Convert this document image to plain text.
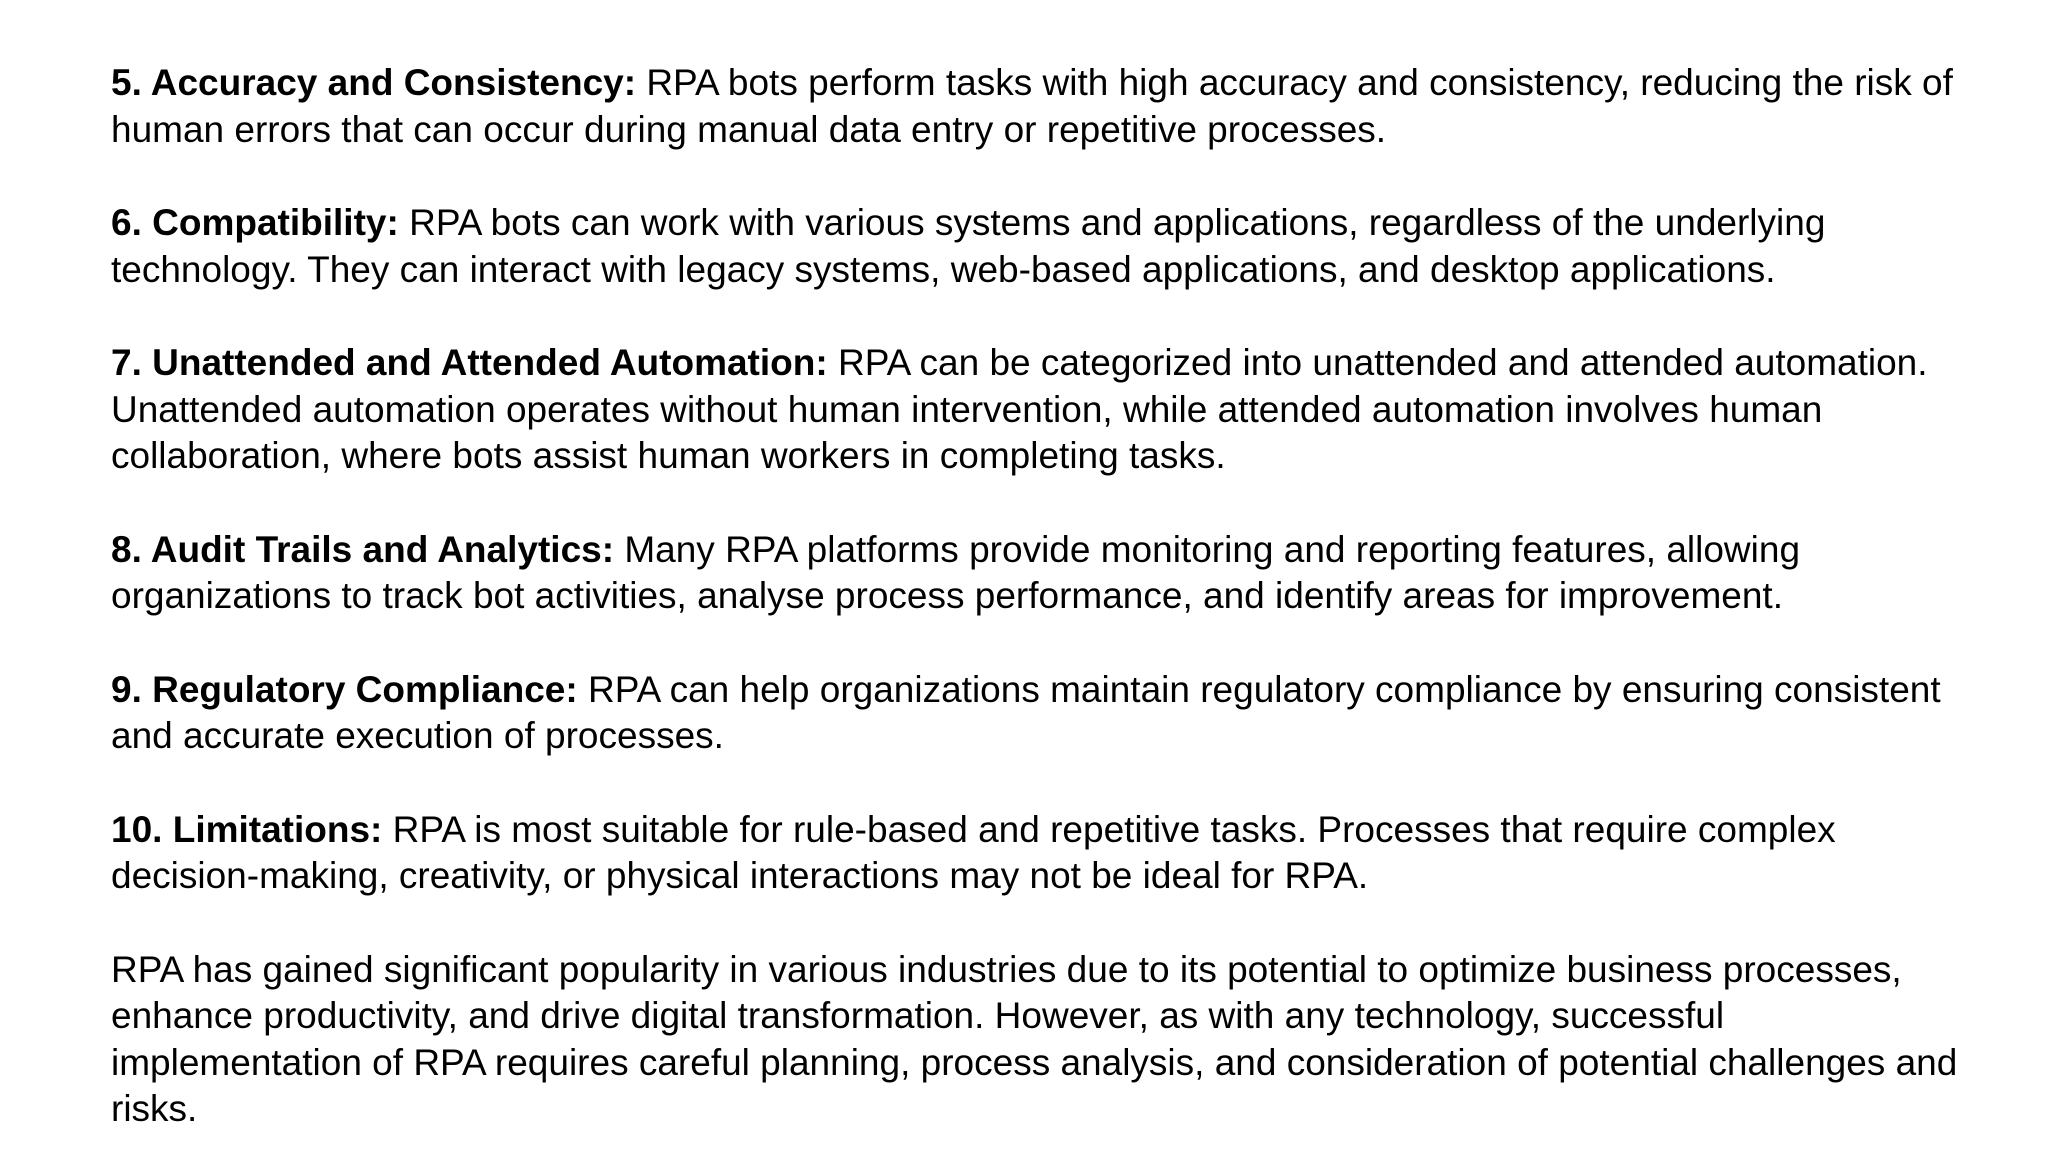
5. Accuracy and Consistency: RPA bots perform tasks with high accuracy and consistency, reducing the risk of human errors that can occur during manual data entry or repetitive processes.

6. Compatibility: RPA bots can work with various systems and applications, regardless of the underlying technology. They can interact with legacy systems, web-based applications, and desktop applications.

7. Unattended and Attended Automation: RPA can be categorized into unattended and attended automation. Unattended automation operates without human intervention, while attended automation involves human collaboration, where bots assist human workers in completing tasks.

8. Audit Trails and Analytics: Many RPA platforms provide monitoring and reporting features, allowing organizations to track bot activities, analyse process performance, and identify areas for improvement.

9. Regulatory Compliance: RPA can help organizations maintain regulatory compliance by ensuring consistent and accurate execution of processes.

10. Limitations: RPA is most suitable for rule-based and repetitive tasks. Processes that require complex decision-making, creativity, or physical interactions may not be ideal for RPA.

RPA has gained significant popularity in various industries due to its potential to optimize business processes, enhance productivity, and drive digital transformation. However, as with any technology, successful implementation of RPA requires careful planning, process analysis, and consideration of potential challenges and risks.
